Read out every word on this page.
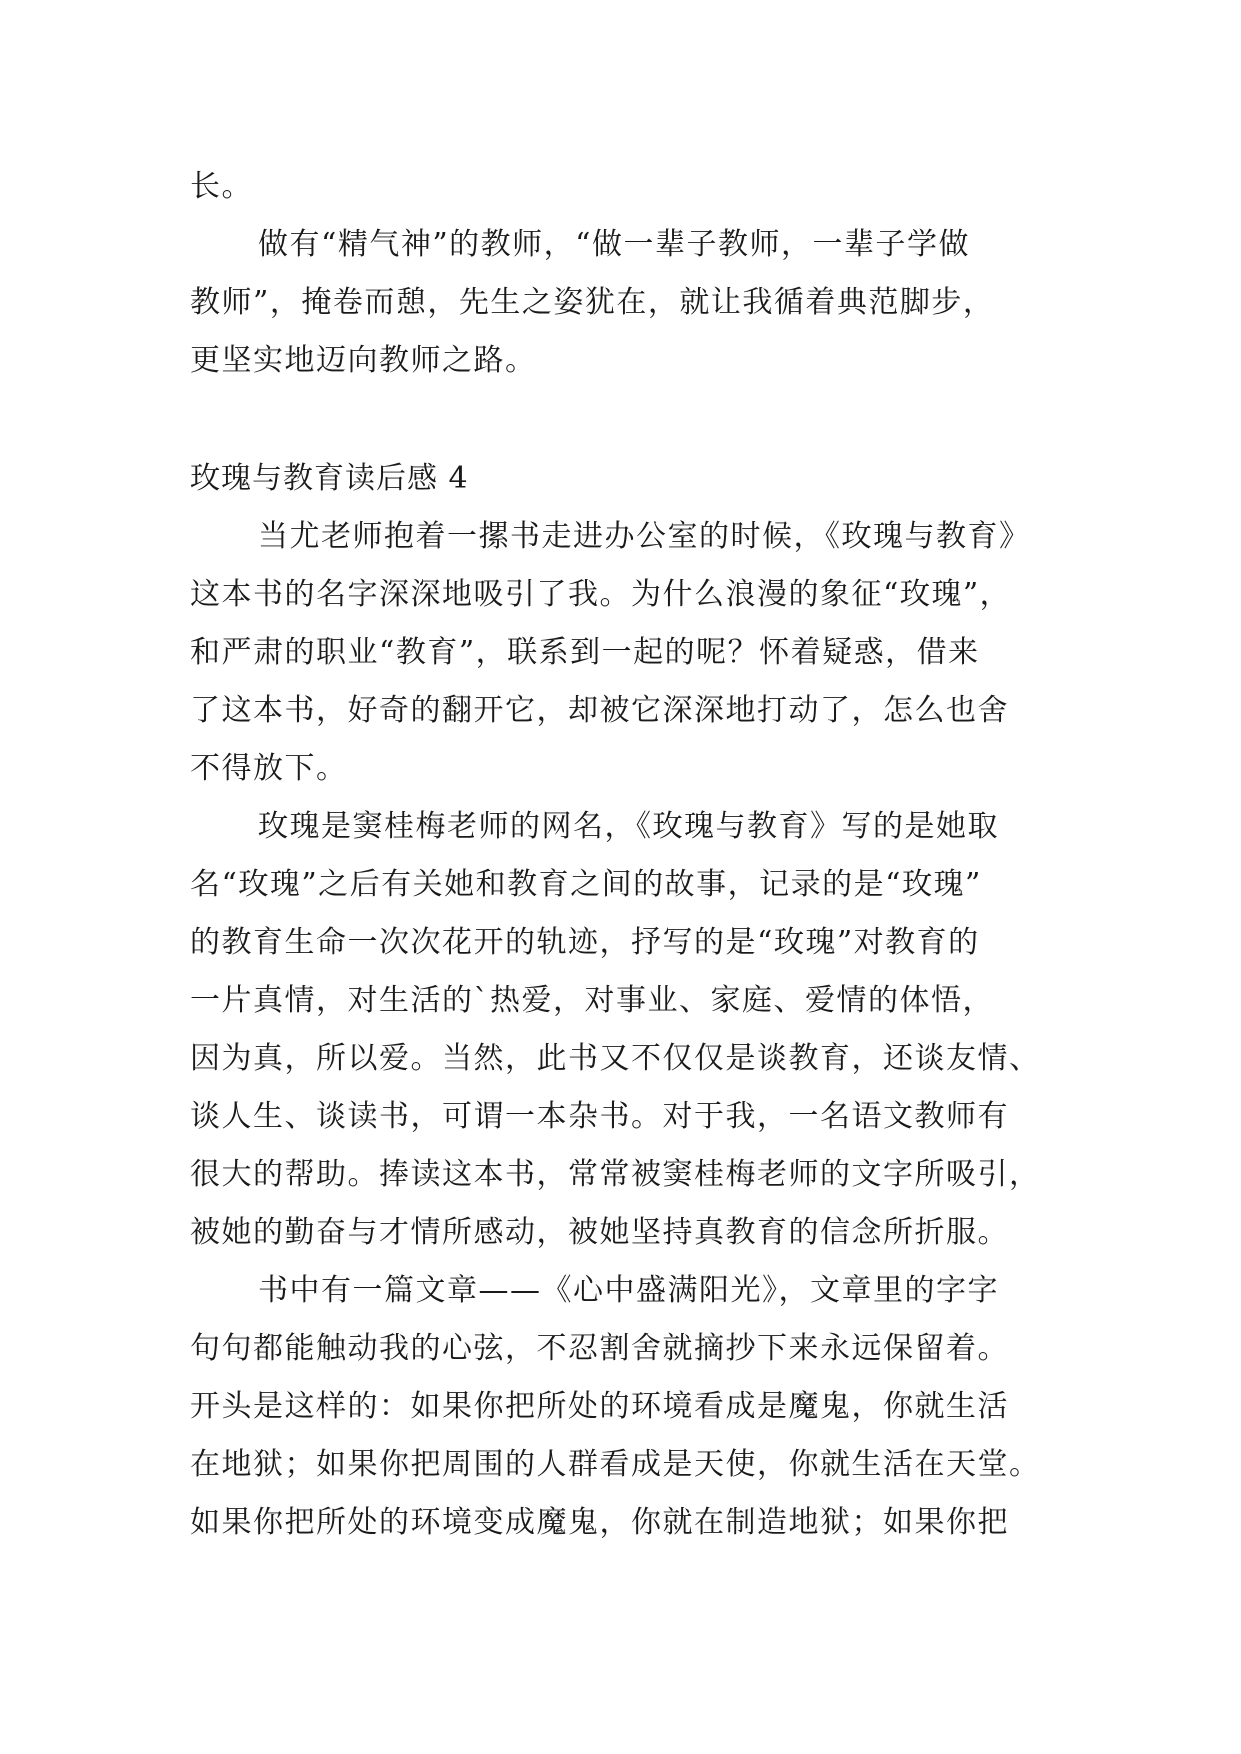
长。
做有“精气神”的教师，“做一辈子教师，一辈子学做
教师”，掩卷而憩，先生之姿犹在，就让我循着典范脚步，
更坚实地迈向教师之路。
玫瑰与教育读后感 4
当尤老师抱着一摞书走进办公室的时候，《玫瑰与教育》
这本书的名字深深地吸引了我。为什么浪漫的象征“玫瑰”，
和严肃的职业“教育”，联系到一起的呢？怀着疑惑，借来
了这本书，好奇的翻开它，却被它深深地打动了，怎么也舍
不得放下。
玫瑰是窦桂梅老师的网名，《玫瑰与教育》写的是她取
名“玫瑰”之后有关她和教育之间的故事，记录的是“玫瑰”
的教育生命一次次花开的轨迹，抒写的是“玫瑰”对教育的
一片真情，对生活的`热爱，对事业、家庭、爱情的体悟，
因为真，所以爱。当然，此书又不仅仅是谈教育，还谈友情、
谈人生、谈读书，可谓一本杂书。对于我，一名语文教师有
很大的帮助。捧读这本书，常常被窦桂梅老师的文字所吸引，
被她的勤奋与才情所感动，被她坚持真教育的信念所折服。
书中有一篇文章——《心中盛满阳光》，文章里的字字
句句都能触动我的心弦，不忍割舍就摘抄下来永远保留着。
开头是这样的：如果你把所处的环境看成是魔鬼，你就生活
在地狱；如果你把周围的人群看成是天使，你就生活在天堂。
如果你把所处的环境变成魔鬼，你就在制造地狱；如果你把
